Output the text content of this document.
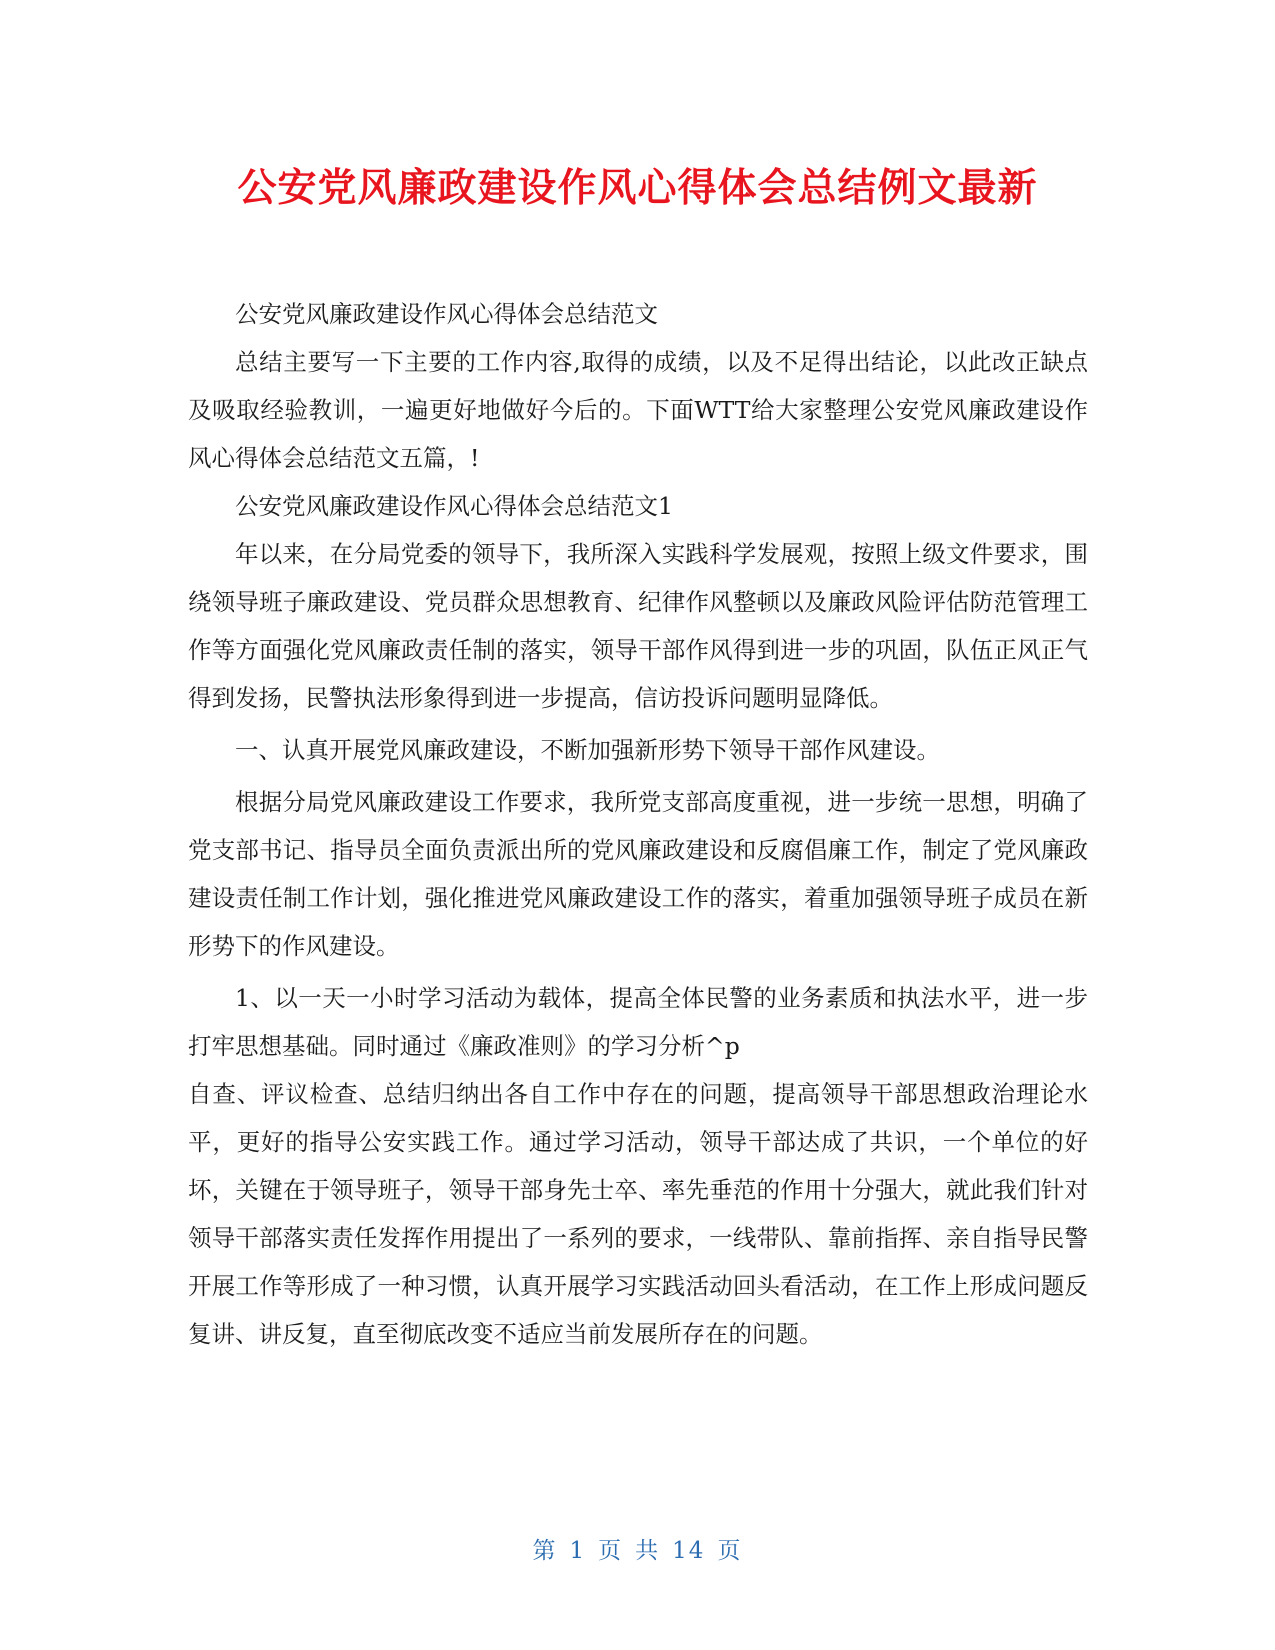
公安党风廉政建设作风心得体会总结例文最新

公安党风廉政建设作风心得体会总结范文

总结主要写一下主要的工作内容,取得的成绩，以及不足得出结论，以此改正缺点及吸取经验教训，一遍更好地做好今后的。下面WTT给大家整理公安党风廉政建设作风心得体会总结范文五篇，!

公安党风廉政建设作风心得体会总结范文1

年以来，在分局党委的领导下，我所深入实践科学发展观，按照上级文件要求，围绕领导班子廉政建设、党员群众思想教育、纪律作风整顿以及廉政风险评估防范管理工作等方面强化党风廉政责任制的落实，领导干部作风得到进一步的巩固，队伍正风正气得到发扬，民警执法形象得到进一步提高，信访投诉问题明显降低。

一、认真开展党风廉政建设，不断加强新形势下领导干部作风建设。

根据分局党风廉政建设工作要求，我所党支部高度重视，进一步统一思想，明确了党支部书记、指导员全面负责派出所的党风廉政建设和反腐倡廉工作，制定了党风廉政建设责任制工作计划，强化推进党风廉政建设工作的落实，着重加强领导班子成员在新形势下的作风建设。

1、以一天一小时学习活动为载体，提高全体民警的业务素质和执法水平，进一步打牢思想基础。同时通过《廉政准则》的学习分析^p

自查、评议检查、总结归纳出各自工作中存在的问题，提高领导干部思想政治理论水平，更好的指导公安实践工作。通过学习活动，领导干部达成了共识，一个单位的好坏，关键在于领导班子，领导干部身先士卒、率先垂范的作用十分强大，就此我们针对领导干部落实责任发挥作用提出了一系列的要求，一线带队、靠前指挥、亲自指导民警开展工作等形成了一种习惯，认真开展学习实践活动回头看活动，在工作上形成问题反复讲、讲反复，直至彻底改变不适应当前发展所存在的问题。

第 1 页 共 14 页
